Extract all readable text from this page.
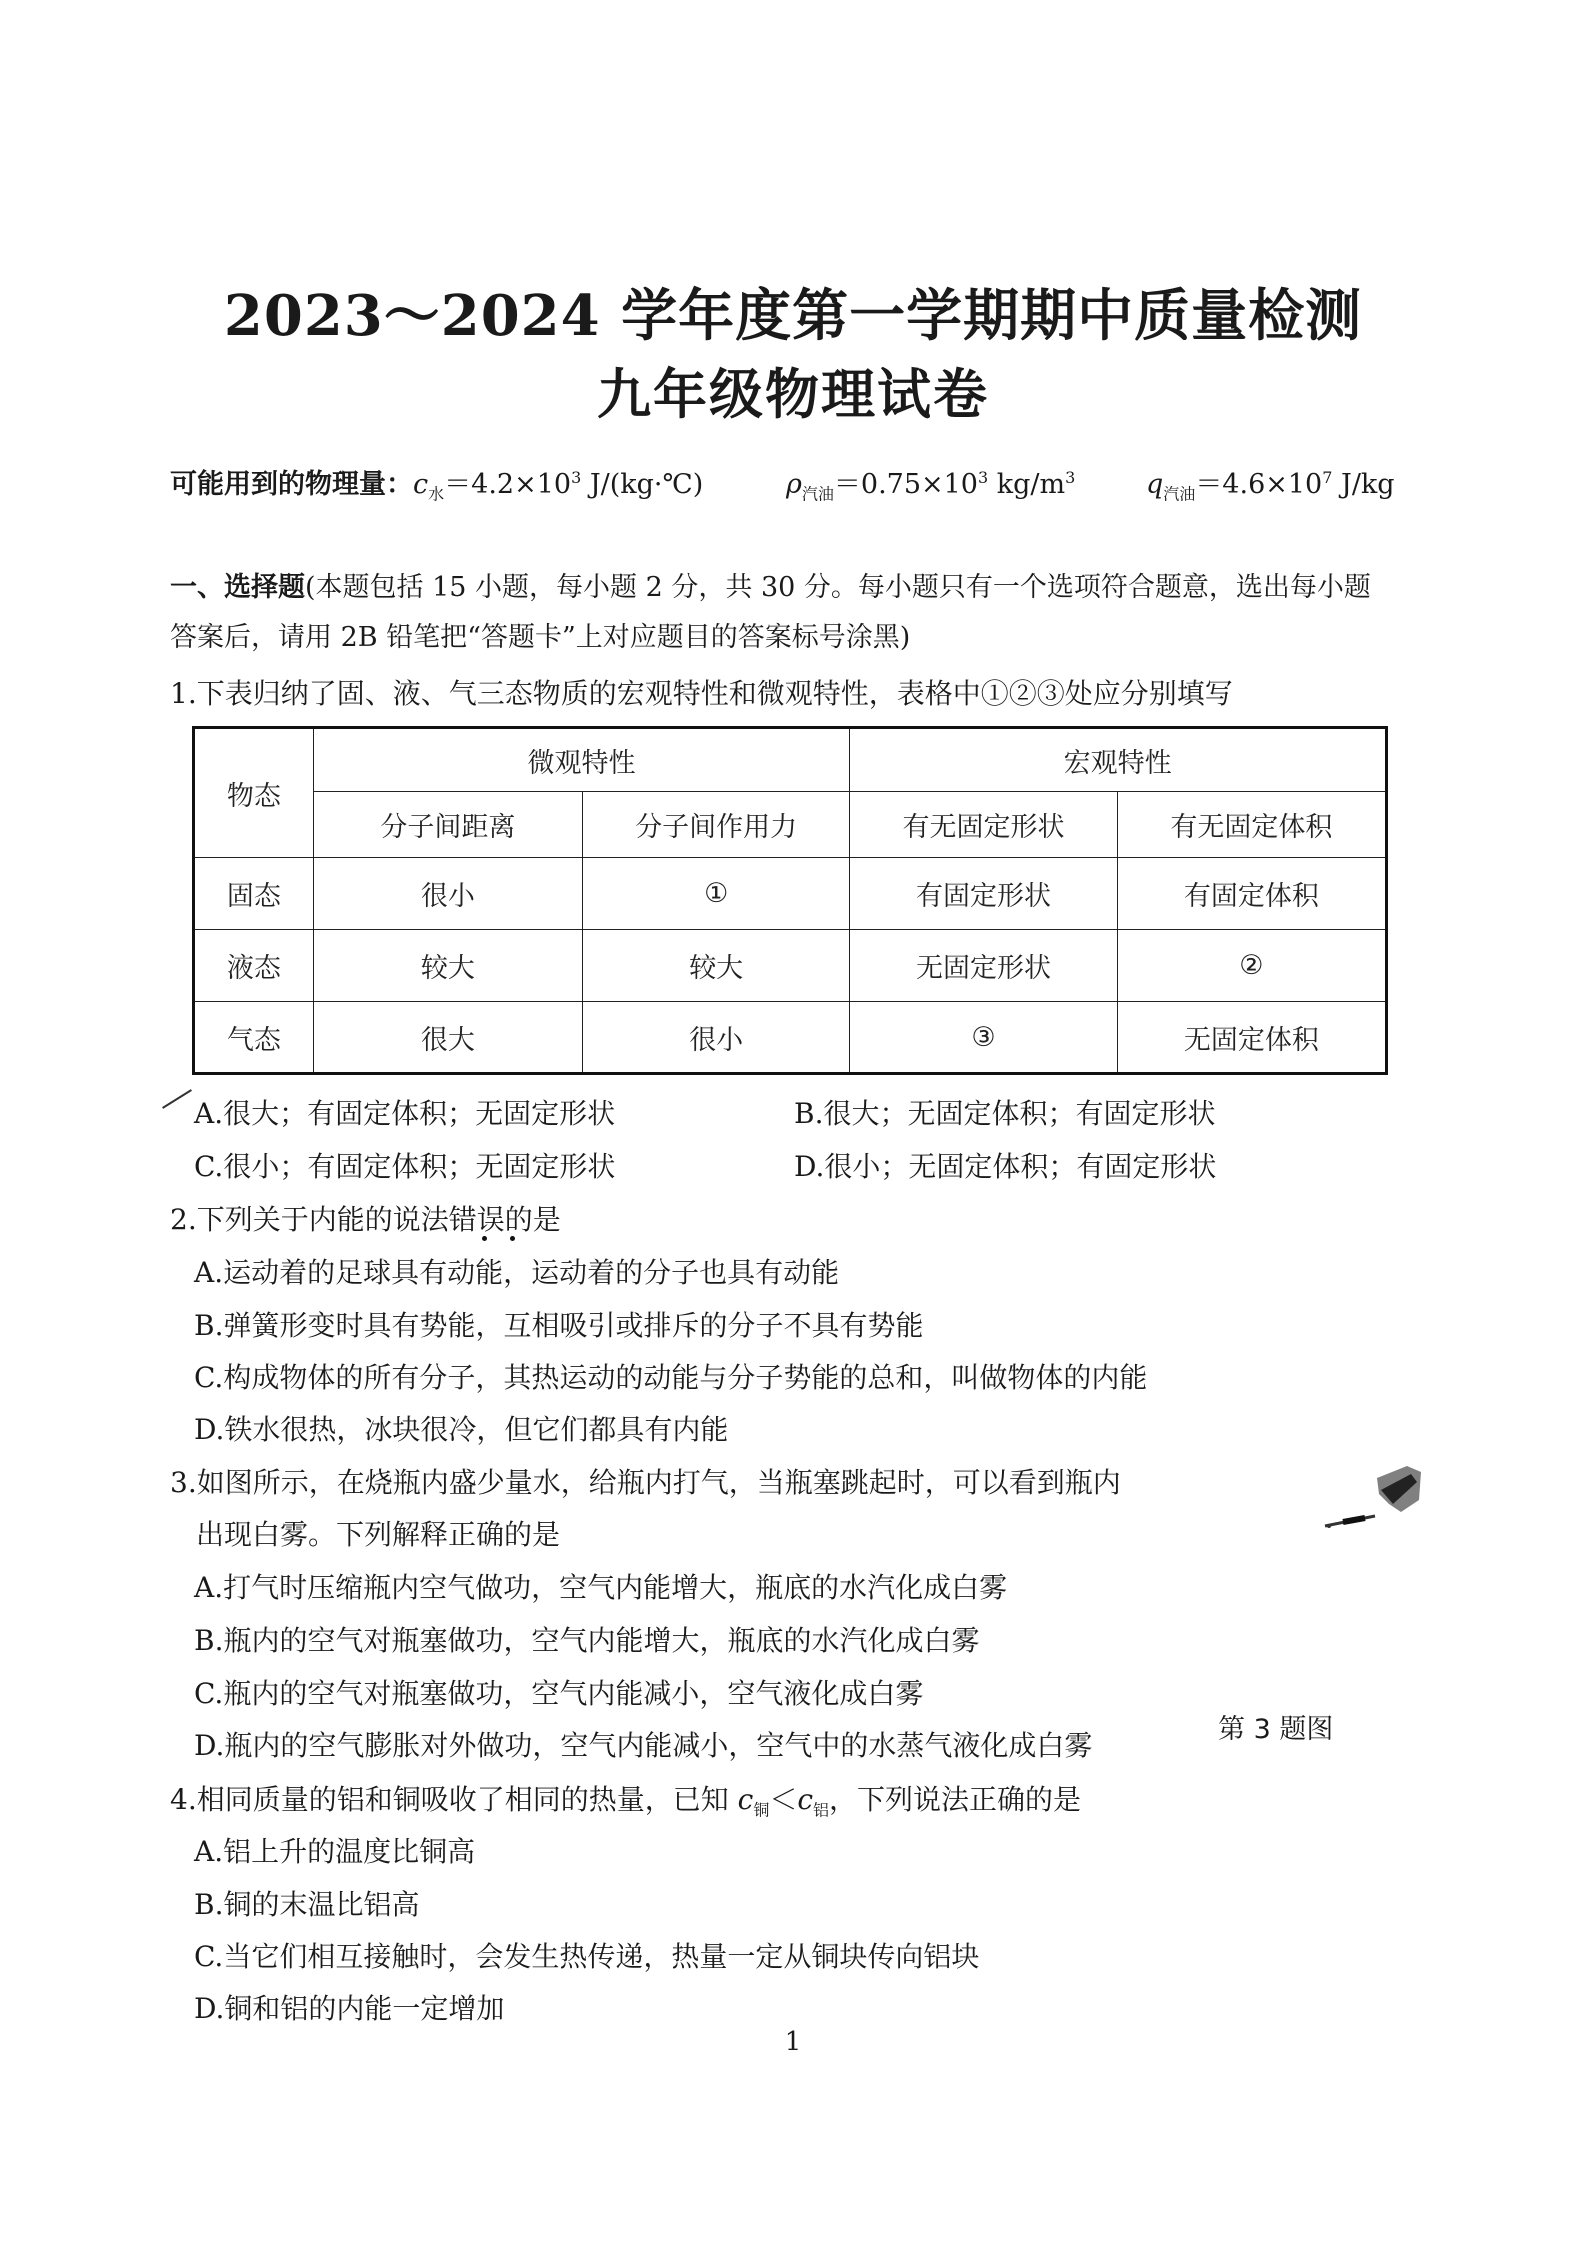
2023～2024 学年度第一学期期中质量检测
九年级物理试卷
可能用到的物理量：$c_水=4.2\times 10^3$ J/(kg·℃)	$\rho_{汽油}=0.75\times 10^3$ $kg/m^3$	$q_{汽油}=4.6\times 10^7$ J/kg
一、选择题(本题包括 15 小题，每小题 2 分，共 30 分。每小题只有一个选项符合题意，选出每小题
答案后，请用 2B 铅笔把“答题卡”上对应题目的答案标号涂黑)
1.下表归纳了固、液、气三态物质的宏观特性和微观特性，表格中①②③处应分别填写
物态	微观特性		宏观特性	
	分子间距离	分子间作用力	有无固定形状	有无固定体积
固态	很小	①	有固定形状	有固定体积
液态	较大	较大	无固定形状	②
气态	很大	很小	③	无固定体积
A.很大；有固定体积；无固定形状	B.很大；无固定体积；有固定形状
C.很小；有固定体积；无固定形状	D.很小；无固定体积；有固定形状
2.下列关于内能的说法错误的是
A.运动着的足球具有动能，运动着的分子也具有动能
B.弹簧形变时具有势能，互相吸引或排斥的分子不具有势能
C.构成物体的所有分子，其热运动的动能与分子势能的总和，叫做物体的内能
D.铁水很热，冰块很冷，但它们都具有内能
3.如图所示，在烧瓶内盛少量水，给瓶内打气，当瓶塞跳起时，可以看到瓶内
出现白雾。下列解释正确的是
A.打气时压缩瓶内空气做功，空气内能增大，瓶底的水汽化成白雾
B.瓶内的空气对瓶塞做功，空气内能增大，瓶底的水汽化成白雾
C.瓶内的空气对瓶塞做功，空气内能减小，空气液化成白雾
D.瓶内的空气膨胀对外做功，空气内能减小，空气中的水蒸气液化成白雾	第 3 题图
4.相同质量的铝和铜吸收了相同的热量，已知 $c_铜<c_铝$，下列说法正确的是
A.铝上升的温度比铜高
B.铜的末温比铝高
C.当它们相互接触时，会发生热传递，热量一定从铜块传向铝块
D.铜和铝的内能一定增加
1
